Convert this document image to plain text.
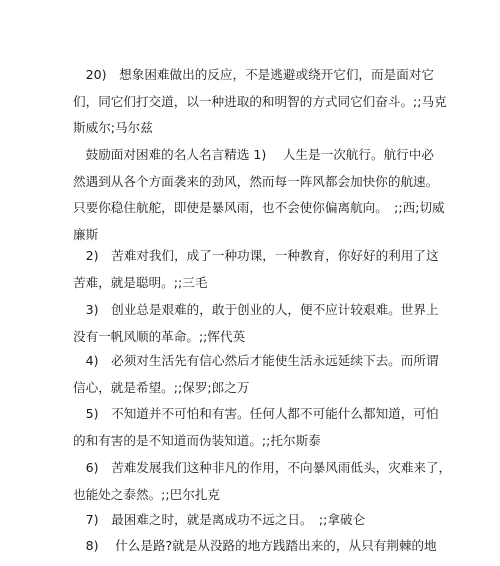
　20)　想象困难做出的反应，不是逃避或绕开它们，而是面对它
们，同它们打交道，以一种进取的和明智的方式同它们奋斗。;;马克
斯威尔;马尔兹

　鼓励面对困难的名人名言精选 1)　 人生是一次航行。航行中必
然遇到从各个方面袭来的劲风，然而每一阵风都会加快你的航速。
只要你稳住航舵，即使是暴风雨，也不会使你偏离航向。　;;西;切威
廉斯

　2)　苦难对我们，成了一种功课，一种教育，你好好的利用了这
苦难，就是聪明。;;三毛

　3)　创业总是艰难的，敢于创业的人，便不应计较艰难。世界上
没有一帆风顺的革命。;;恽代英

　4)　必须对生活先有信心然后才能使生活永远延续下去。而所谓
信心，就是希望。;;保罗;郎之万

　5)　不知道并不可怕和有害。任何人都不可能什么都知道，可怕
的和有害的是不知道而伪装知道。;;托尔斯泰

　6)　苦难发展我们这种非凡的作用，不向暴风雨低头，灾难来了，
也能处之泰然。;;巴尔扎克

　7)　最困难之时，就是离成功不远之日。　;;拿破仑

　8)　 什么是路?就是从没路的地方践踏出来的，从只有荆棘的地
